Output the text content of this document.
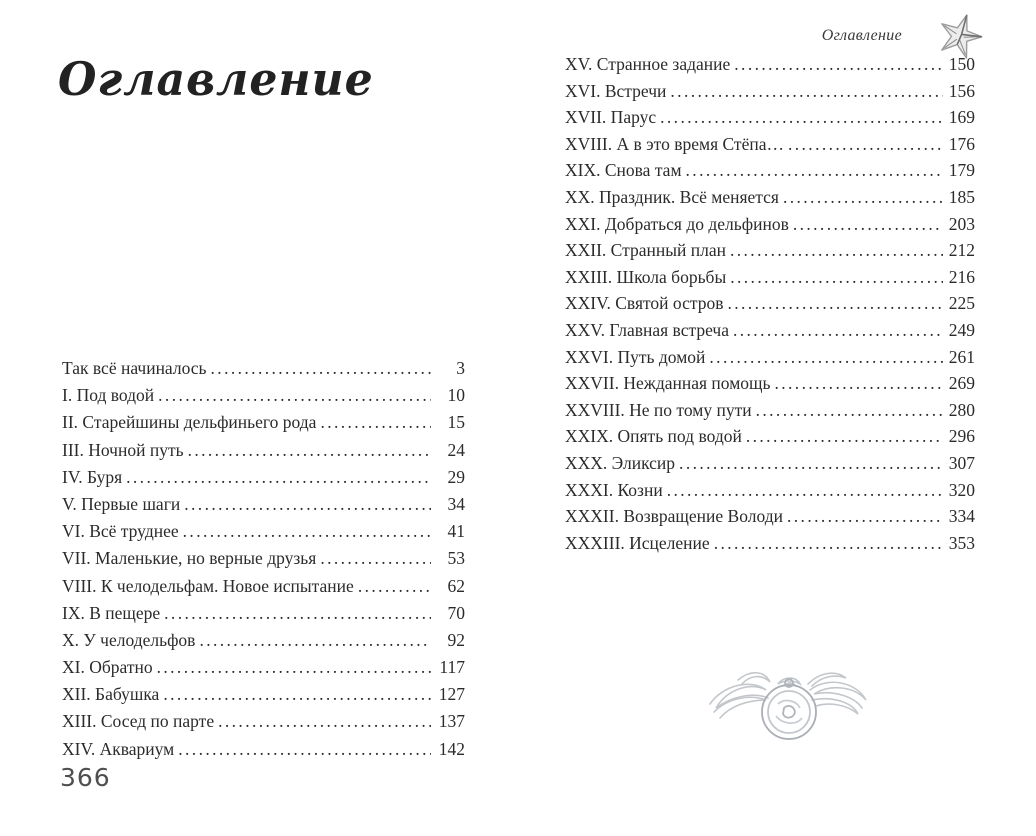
Оглавление
Так всё начиналось .....	3
I. Под водой .....	10
II. Старейшины дельфиньего рода .....	15
III. Ночной путь .....	24
IV. Буря .....	29
V. Первые шаги .....	34
VI. Всё труднее .....	41
VII. Маленькие, но верные друзья .....	53
VIII. К челодельфам. Новое испытание .....	62
IX. В пещере .....	70
X. У челодельфов .....	92
XI. Обратно .....	117
XII. Бабушка .....	127
XIII. Сосед по парте .....	137
XIV. Аквариум .....	142
366
Оглавление
XV. Странное задание .....	150
XVI. Встречи .....	156
XVII. Парус .....	169
XVIII. А в это время Стёпа… .....	176
XIX. Снова там .....	179
XX. Праздник. Всё меняется .....	185
XXI. Добраться до дельфинов .....	203
XXII. Странный план .....	212
XXIII. Школа борьбы .....	216
XXIV. Святой остров .....	225
XXV. Главная встреча .....	249
XXVI. Путь домой .....	261
XXVII. Нежданная помощь .....	269
XXVIII. Не по тому пути .....	280
XXIX. Опять под водой .....	296
XXX. Эликсир .....	307
XXXI. Козни .....	320
XXXII. Возвращение Володи .....	334
XXXIII. Исцеление .....	353
